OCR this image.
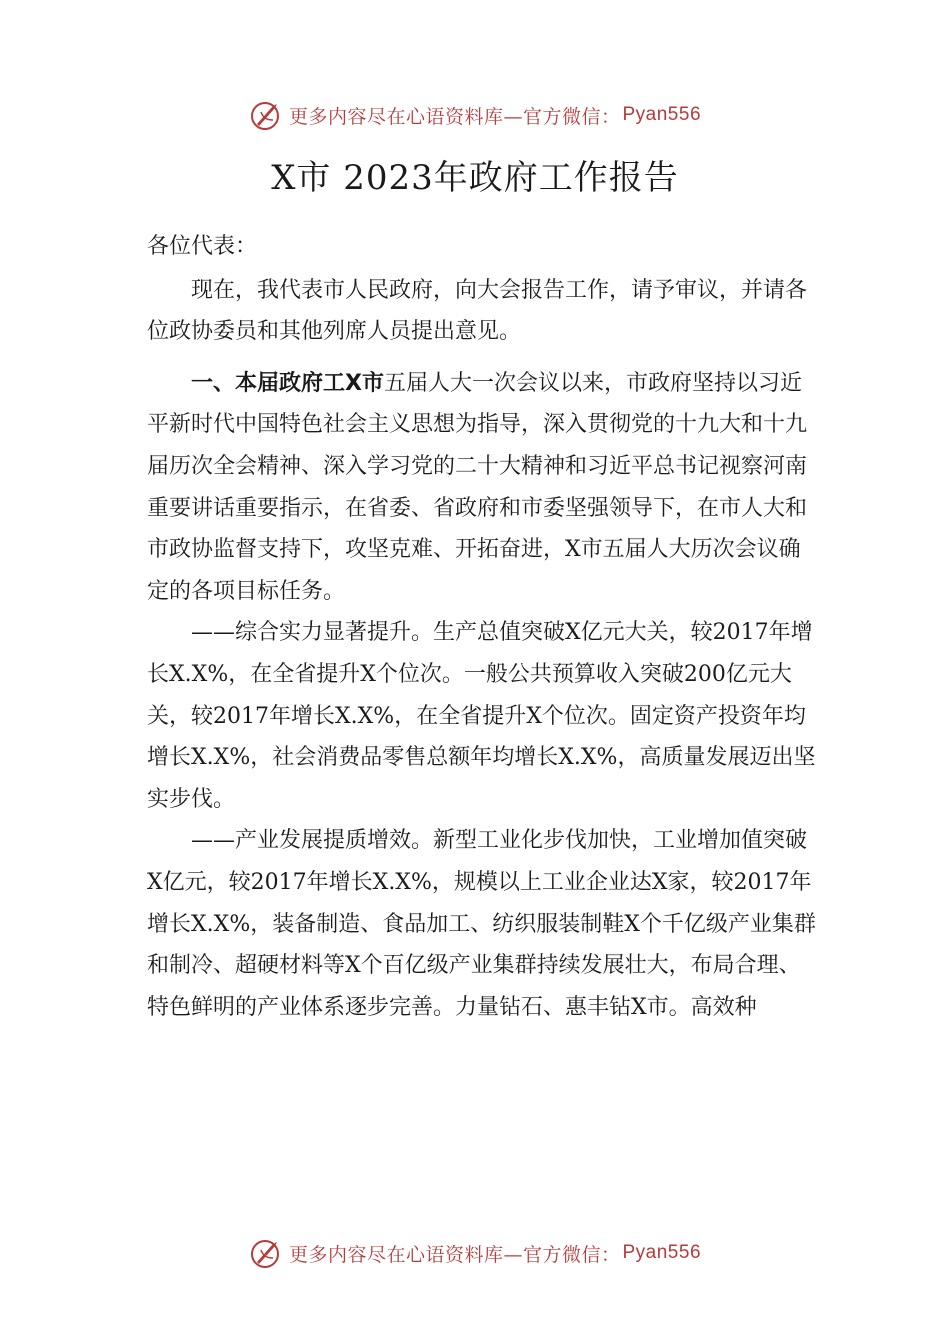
更多内容尽在心语资料库—官方微信： Pyan556
X市 2023年政府工作报告

各位代表：

现在，我代表市人民政府，向大会报告工作，请予审议，并请各位政协委员和其他列席人员提出意见。

一、本届政府工X市五届人大一次会议以来，市政府坚持以习近平新时代中国特色社会主义思想为指导，深入贯彻党的十九大和十九届历次全会精神、深入学习党的二十大精神和习近平总书记视察河南重要讲话重要指示，在省委、省政府和市委坚强领导下，在市人大和市政协监督支持下，攻坚克难、开拓奋进，X市五届人大历次会议确定的各项目标任务。

——综合实力显著提升。生产总值突破X亿元大关，较2017年增长X.X%，在全省提升X个位次。一般公共预算收入突破200亿元大关，较2017年增长X.X%，在全省提升X个位次。固定资产投资年均增长X.X%，社会消费品零售总额年均增长X.X%，高质量发展迈出坚实步伐。

——产业发展提质增效。新型工业化步伐加快，工业增加值突破X亿元，较2017年增长X.X%，规模以上工业企业达X家，较2017年增长X.X%，装备制造、食品加工、纺织服装制鞋X个千亿级产业集群和制冷、超硬材料等X个百亿级产业集群持续发展壮大，布局合理、特色鲜明的产业体系逐步完善。力量钻石、惠丰钻X市。高效种

更多内容尽在心语资料库—官方微信： Pyan556
